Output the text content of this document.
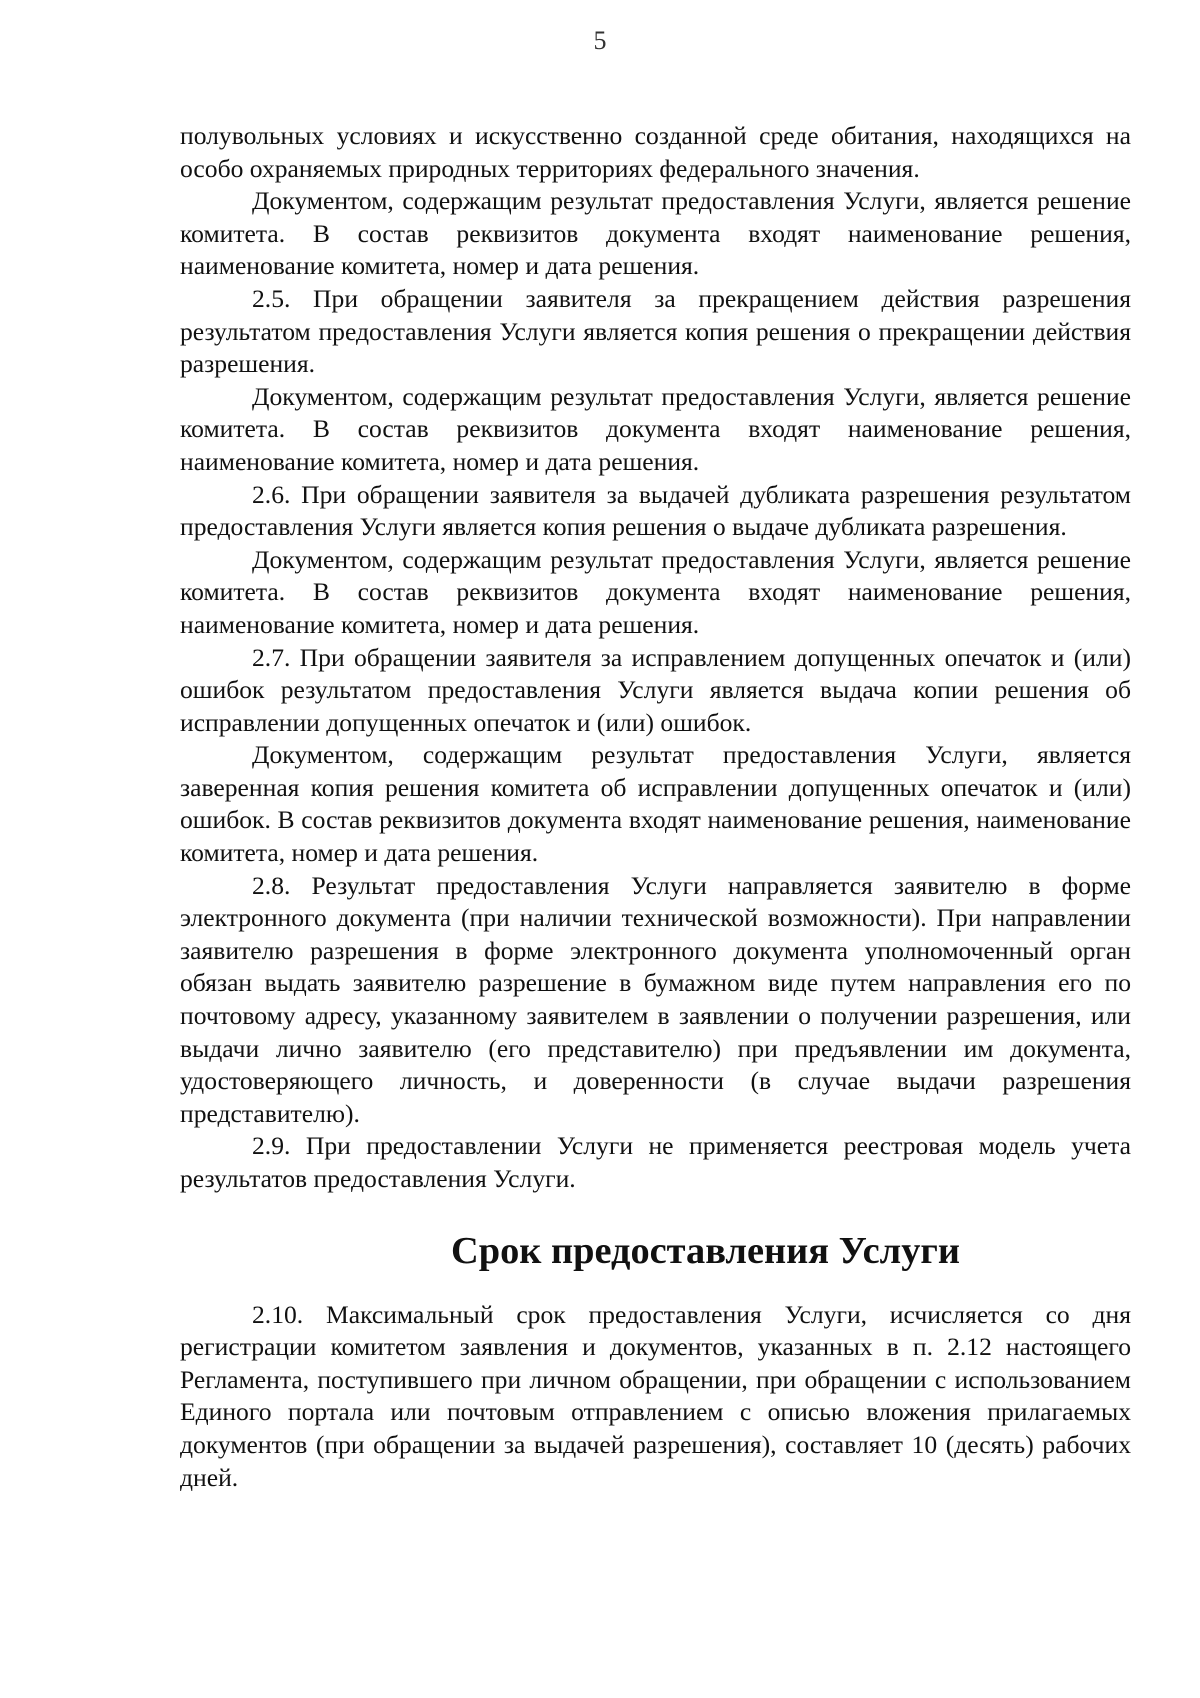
5

полувольных условиях и искусственно созданной среде обитания, находящихся на особо охраняемых природных территориях федерального значения.

Документом, содержащим результат предоставления Услуги, является решение комитета. В состав реквизитов документа входят наименование решения, наименование комитета, номер и дата решения.

2.5. При обращении заявителя за прекращением действия разрешения результатом предоставления Услуги является копия решения о прекращении действия разрешения.

Документом, содержащим результат предоставления Услуги, является решение комитета. В состав реквизитов документа входят наименование решения, наименование комитета, номер и дата решения.

2.6. При обращении заявителя за выдачей дубликата разрешения результатом предоставления Услуги является копия решения о выдаче дубликата разрешения.

Документом, содержащим результат предоставления Услуги, является решение комитета. В состав реквизитов документа входят наименование решения, наименование комитета, номер и дата решения.

2.7. При обращении заявителя за исправлением допущенных опечаток и (или) ошибок результатом предоставления Услуги является выдача копии решения об исправлении допущенных опечаток и (или) ошибок.

Документом, содержащим результат предоставления Услуги, является заверенная копия решения комитета об исправлении допущенных опечаток и (или) ошибок. В состав реквизитов документа входят наименование решения, наименование комитета, номер и дата решения.

2.8. Результат предоставления Услуги направляется заявителю в форме электронного документа (при наличии технической возможности). При направлении заявителю разрешения в форме электронного документа уполномоченный орган обязан выдать заявителю разрешение в бумажном виде путем направления его по почтовому адресу, указанному заявителем в заявлении о получении разрешения, или выдачи лично заявителю (его представителю) при предъявлении им документа, удостоверяющего личность, и доверенности (в случае выдачи разрешения представителю).

2.9. При предоставлении Услуги не применяется реестровая модель учета результатов предоставления Услуги.

Срок предоставления Услуги

2.10. Максимальный срок предоставления Услуги, исчисляется со дня регистрации комитетом заявления и документов, указанных в п. 2.12 настоящего Регламента, поступившего при личном обращении, при обращении с использованием Единого портала или почтовым отправлением с описью вложения прилагаемых документов (при обращении за выдачей разрешения), составляет 10 (десять) рабочих дней.
